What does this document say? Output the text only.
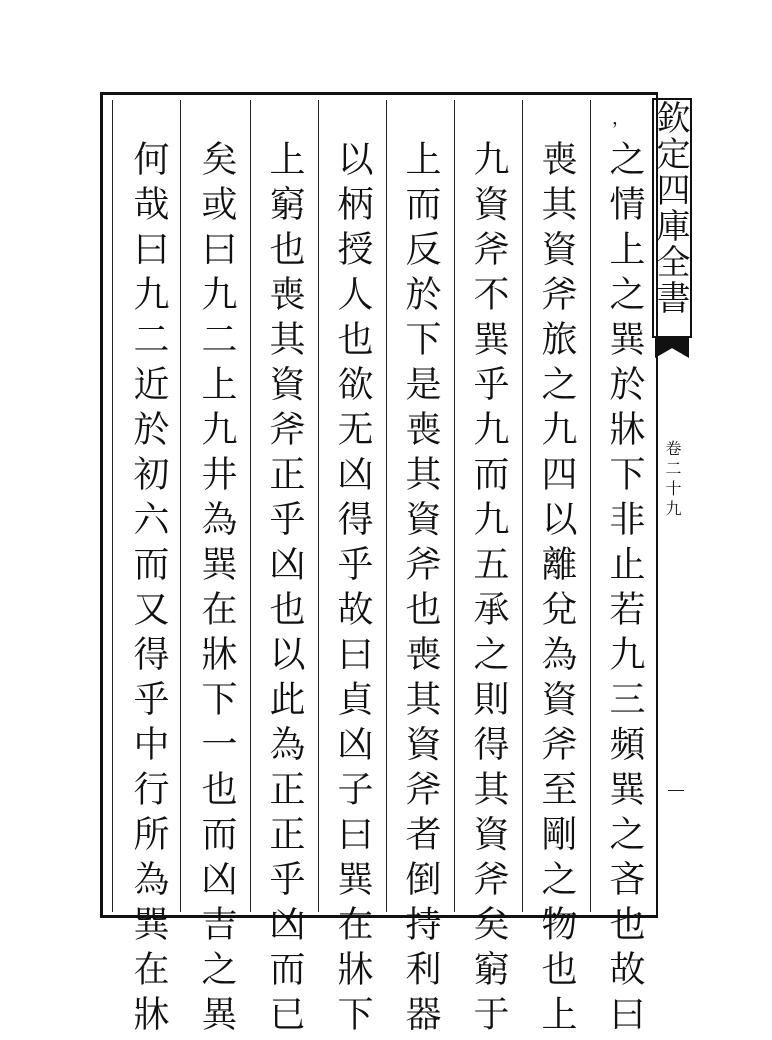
之情上之巽於牀下非止若九三頻巽之吝也故曰
喪其資斧旅之九四以離兌為資斧至剛之物也上
九資斧不巽乎九而九五承之則得其資斧矣窮于
上而反於下是喪其資斧也喪其資斧者倒持利器
以柄授人也欲无凶得乎故曰貞凶子曰巽在牀下
上窮也喪其資斧正乎凶也以此為正正乎凶而已
矣或曰九二上九井為巽在牀下一也而凶吉之異
何哉曰九二近於初六而又得乎中行所為巽在牀
， 欽定四庫全書
卷二十九
